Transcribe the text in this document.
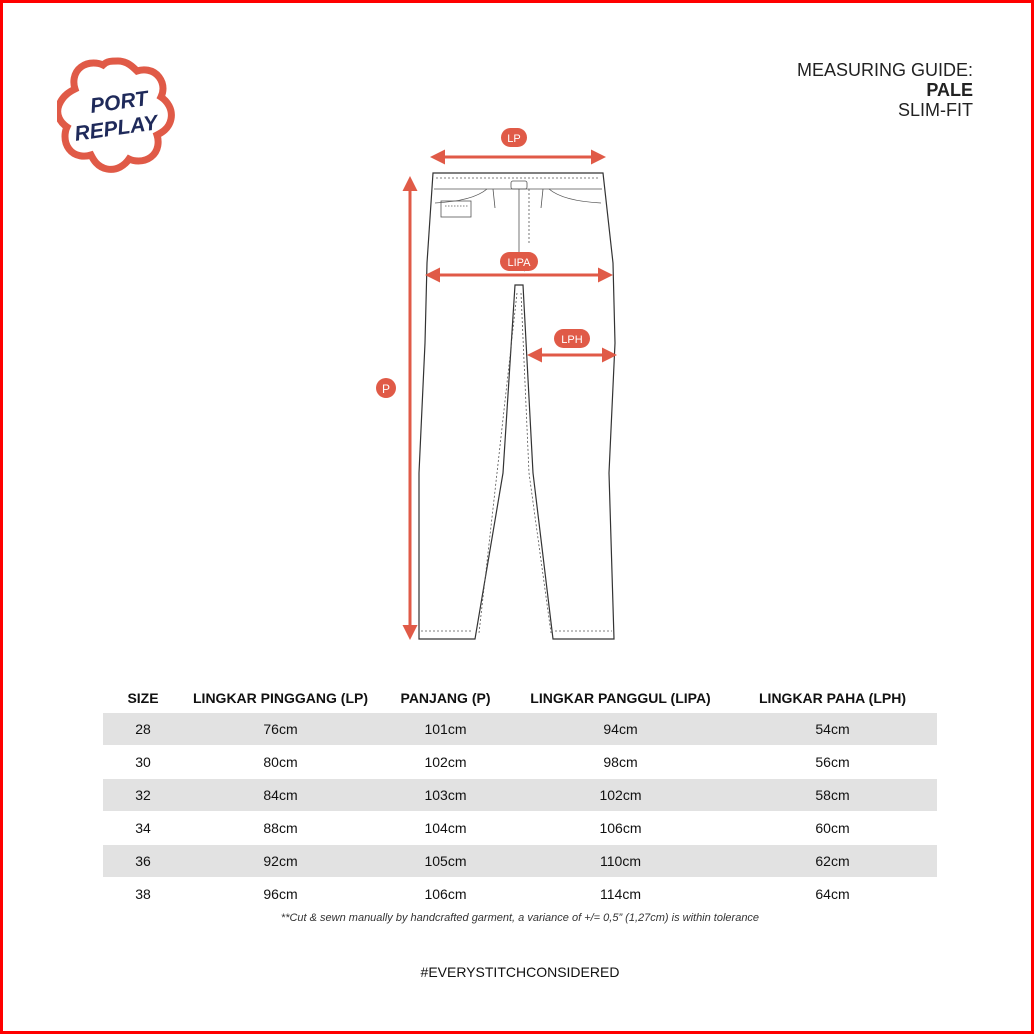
PORT
REPLAY
MEASURING GUIDE:
PALE
SLIM-FIT
LP
LIPA
LPH
P
SIZE	LINGKAR PINGGANG (LP)	PANJANG (P)	LINGKAR PANGGUL (LIPA)	LINGKAR PAHA (LPH)
28	76cm	101cm	94cm	54cm
30	80cm	102cm	98cm	56cm
32	84cm	103cm	102cm	58cm
34	88cm	104cm	106cm	60cm
36	92cm	105cm	110cm	62cm
38	96cm	106cm	114cm	64cm
**Cut & sewn manually by handcrafted garment, a variance of +/= 0,5” (1,27cm) is within tolerance
#EVERYSTITCHCONSIDERED
